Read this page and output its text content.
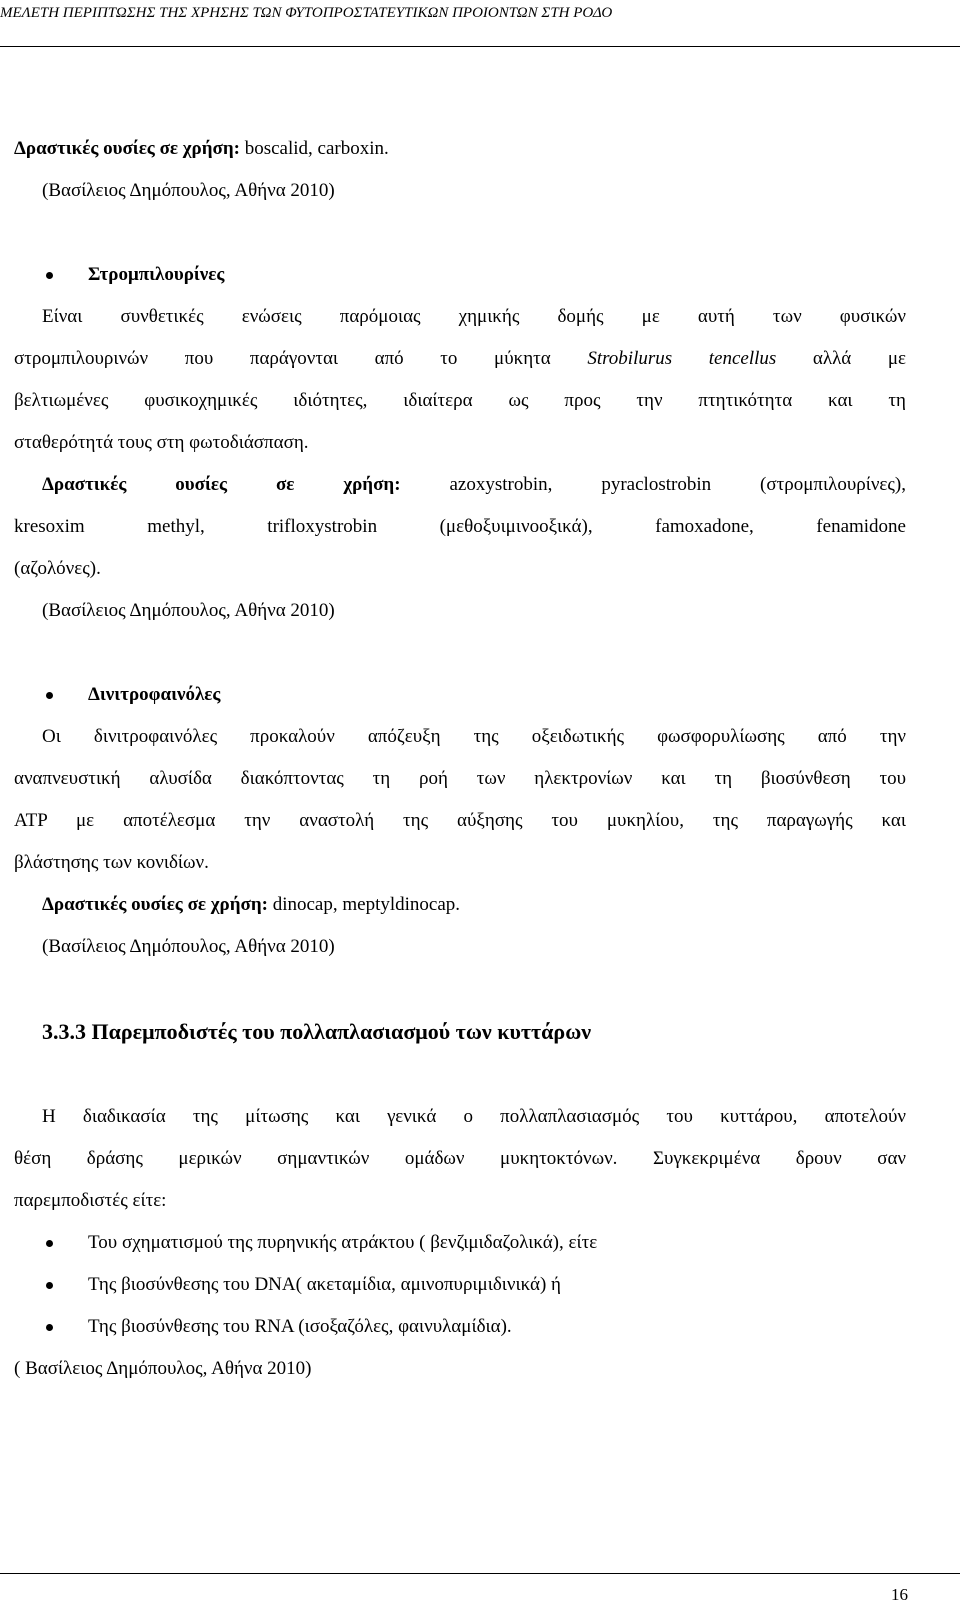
ΜΕΛΕΤΗ ΠΕΡΙΠΤΩΣΗΣ ΤΗΣ ΧΡΗΣΗΣ ΤΩΝ ΦΥΤΟΠΡΟΣΤΑΤΕΥΤΙΚΩΝ ΠΡΟΙΟΝΤΩΝ ΣΤΗ ΡΟΔΟ
Δραστικές ουσίες σε χρήση: boscalid, carboxin.
(Βασίλειος Δημόπουλος, Αθήνα 2010)
Στρομπιλουρίνες
Είναι συνθετικές ενώσεις παρόμοιας χημικής δομής με αυτή των φυσικών
στρομπιλουρινών που παράγονται από το μύκητα Strobilurus tencellus αλλά με
βελτιωμένες φυσικοχημικές ιδιότητες, ιδιαίτερα ως προς την πτητικότητα και τη
σταθερότητά τους στη φωτοδιάσπαση.
Δραστικές ουσίες σε χρήση:	azoxystrobin, pyraclostrobin (στρομπιλουρίνες),
kresoxim methyl, trifloxystrobin (μεθοξυιμινοοξικά), famoxadone, fenamidone
(αζολόνες).
(Βασίλειος Δημόπουλος, Αθήνα 2010)
Δινιτροφαινόλες
Οι δινιτροφαινόλες προκαλούν απόζευξη της οξειδωτικής φωσφορυλίωσης από την
αναπνευστική αλυσίδα διακόπτοντας τη ροή των ηλεκτρονίων και τη βιοσύνθεση του
ATP με αποτέλεσμα την αναστολή της αύξησης του μυκηλίου, της παραγωγής και
βλάστησης των κονιδίων.
Δραστικές ουσίες σε χρήση: dinocap, meptyldinocap.
(Βασίλειος Δημόπουλος, Αθήνα 2010)
3.3.3 Παρεμποδιστές του πολλαπλασιασμού των κυττάρων
Η διαδικασία της μίτωσης και γενικά ο πολλαπλασιασμός του κυττάρου, αποτελούν
θέση δράσης μερικών σημαντικών ομάδων μυκητοκτόνων. Συγκεκριμένα δρουν σαν
παρεμποδιστές είτε:
Του σχηματισμού της πυρηνικής ατράκτου ( βενζιμιδαζολικά), είτε
Της βιοσύνθεσης του DNA( ακεταμίδια, αμινοπυριμιδινικά) ή
Της βιοσύνθεσης του RNA (ισοξαζόλες, φαινυλαμίδια).
( Βασίλειος Δημόπουλος, Αθήνα 2010)
16
